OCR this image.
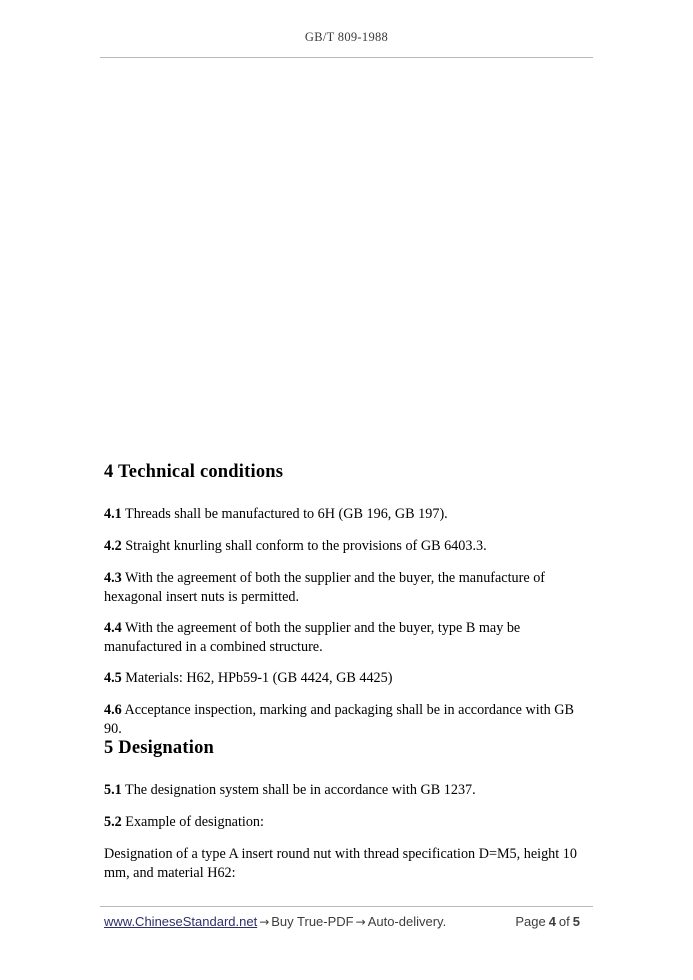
GB/T 809-1988
4 Technical conditions

4.1 Threads shall be manufactured to 6H (GB 196, GB 197).

4.2 Straight knurling shall conform to the provisions of GB 6403.3.

4.3 With the agreement of both the supplier and the buyer, the manufacture of hexagonal insert nuts is permitted.

4.4 With the agreement of both the supplier and the buyer, type B may be manufactured in a combined structure.

4.5 Materials: H62, HPb59-1 (GB 4424, GB 4425)

4.6 Acceptance inspection, marking and packaging shall be in accordance with GB 90.

5 Designation

5.1 The designation system shall be in accordance with GB 1237.

5.2 Example of designation:

Designation of a type A insert round nut with thread specification D=M5, height 10 mm, and material H62:

www.ChineseStandard.net → Buy True-PDF → Auto-delivery.	Page 4 of 5
